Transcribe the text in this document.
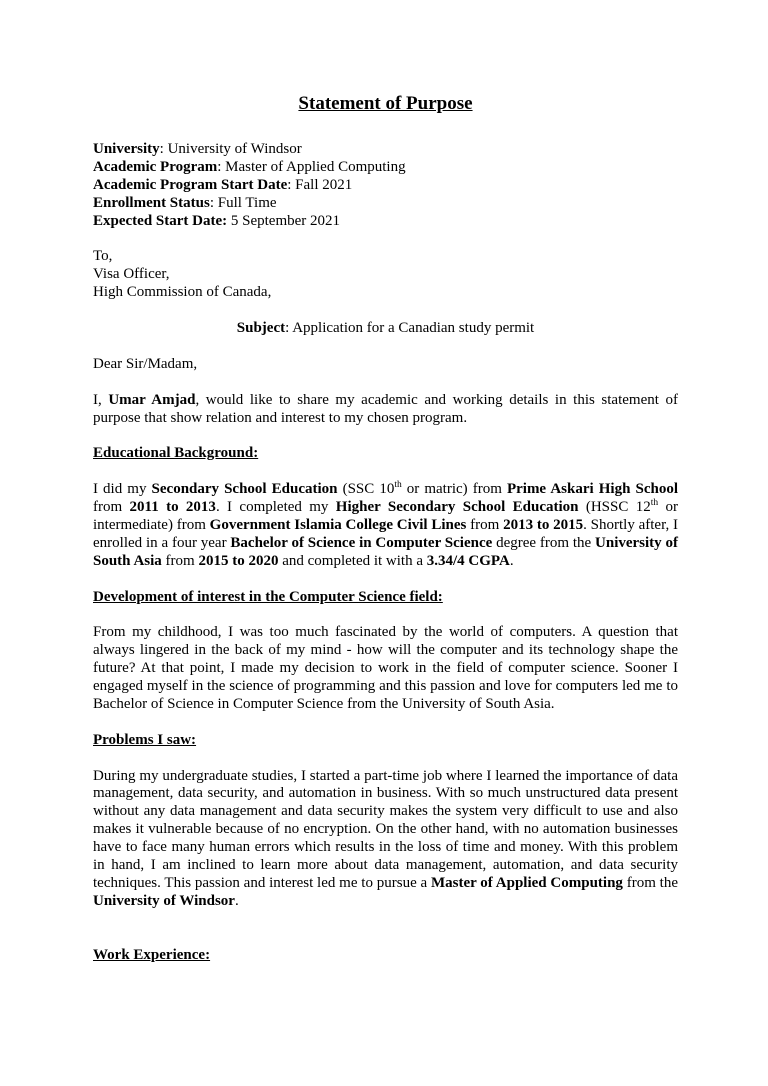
Statement of Purpose
University: University of Windsor
Academic Program: Master of Applied Computing
Academic Program Start Date: Fall 2021
Enrollment Status: Full Time
Expected Start Date: 5 September 2021
To,
Visa Officer,
High Commission of Canada,
Subject: Application for a Canadian study permit
Dear Sir/Madam,

I, Umar Amjad, would like to share my academic and working details in this statement of purpose that show relation and interest to my chosen program.

Educational Background:

I did my Secondary School Education (SSC 10th or matric) from Prime Askari High School from 2011 to 2013. I completed my Higher Secondary School Education (HSSC 12th or intermediate) from Government Islamia College Civil Lines from 2013 to 2015. Shortly after, I enrolled in a four year Bachelor of Science in Computer Science degree from the University of South Asia from 2015 to 2020 and completed it with a 3.34/4 CGPA.

Development of interest in the Computer Science field:

From my childhood, I was too much fascinated by the world of computers. A question that always lingered in the back of my mind - how will the computer and its technology shape the future? At that point, I made my decision to work in the field of computer science. Sooner I engaged myself in the science of programming and this passion and love for computers led me to Bachelor of Science in Computer Science from the University of South Asia.

Problems I saw:

During my undergraduate studies, I started a part-time job where I learned the importance of data management, data security, and automation in business. With so much unstructured data present without any data management and data security makes the system very difficult to use and also makes it vulnerable because of no encryption. On the other hand, with no automation businesses have to face many human errors which results in the loss of time and money. With this problem in hand, I am inclined to learn more about data management, automation, and data security techniques. This passion and interest led me to pursue a Master of Applied Computing from the University of Windsor.

Work Experience:
